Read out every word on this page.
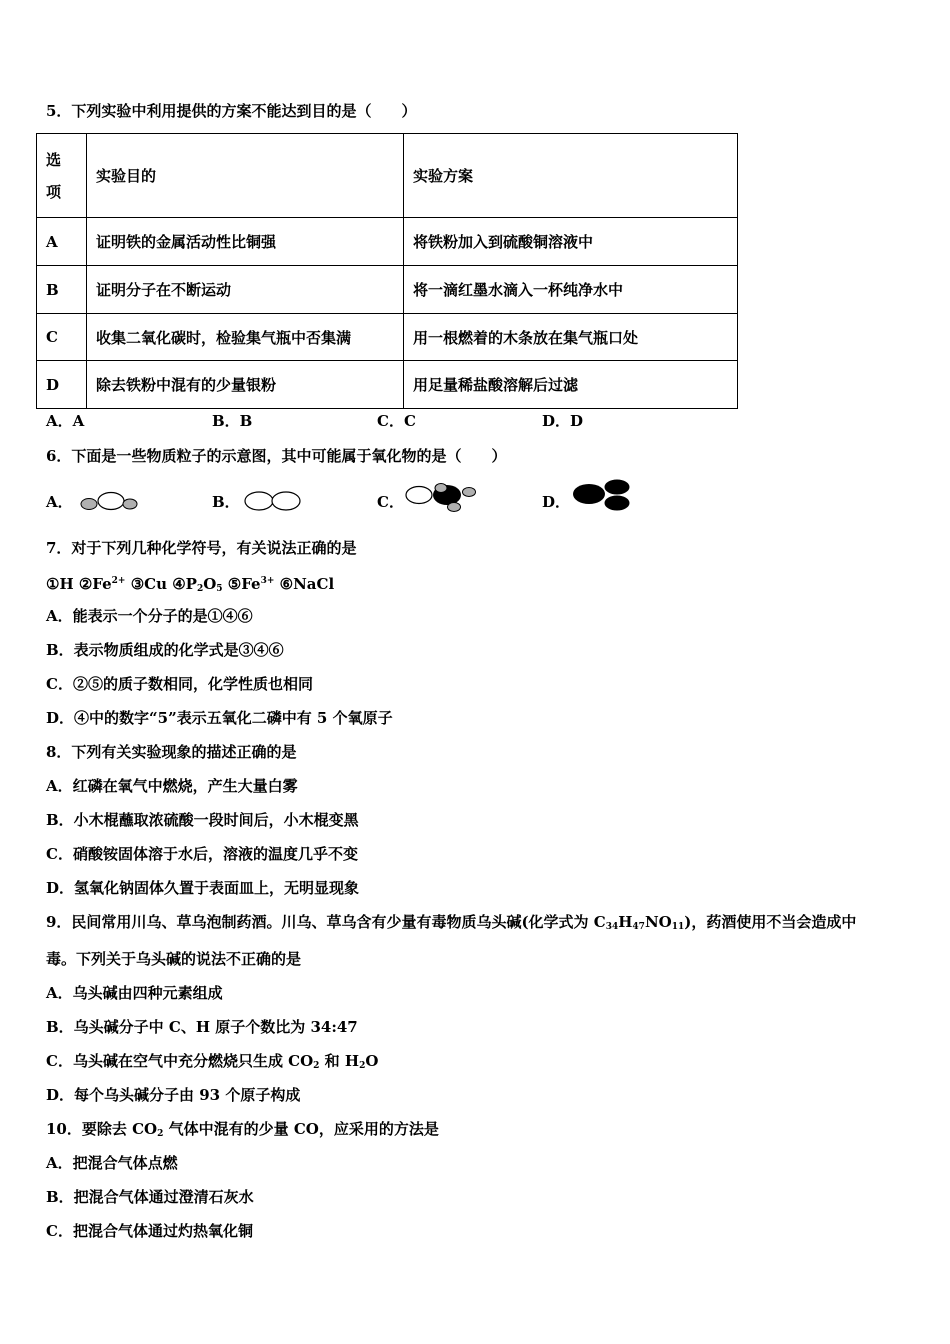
5．下列实验中利用提供的方案不能达到目的是（　　）
选
项	实验目的	实验方案
A	证明铁的金属活动性比铜强	将铁粉加入到硫酸铜溶液中
B	证明分子在不断运动	将一滴红墨水滴入一杯纯净水中
C	收集二氧化碳时，检验集气瓶中否集满	用一根燃着的木条放在集气瓶口处
D	除去铁粉中混有的少量银粉	用足量稀盐酸溶解后过滤
A．A	B．B	C．C	D．D
6．下面是一些物质粒子的示意图，其中可能属于氧化物的是（　　）
A．	B．	C．	D．
7．对于下列几种化学符号，有关说法正确的是
①H $②Fe^{2+}$ ③Cu $④P_2O_5$ $⑤Fe^{3+}$ ⑥NaCl
A．能表示一个分子的是①④⑥
B．表示物质组成的化学式是③④⑥
C．②⑤的质子数相同，化学性质也相同
D．④中的数字“5”表示五氧化二磷中有 5 个氧原子
8．下列有关实验现象的描述正确的是
A．红磷在氧气中燃烧，产生大量白雾
B．小木棍蘸取浓硫酸一段时间后，小木棍变黑
C．硝酸铵固体溶于水后，溶液的温度几乎不变
D．氢氧化钠固体久置于表面皿上，无明显现象
9．民间常用川乌、草乌泡制药酒。川乌、草乌含有少量有毒物质乌头碱(化学式为 $C_{34}H_{47}NO_{11}$)，药酒使用不当会造成中
毒。下列关于乌头碱的说法不正确的是
A．乌头碱由四种元素组成
B．乌头碱分子中 C、H 原子个数比为 34:47
C．乌头碱在空气中充分燃烧只生成 $CO_2$ 和 $H_2O$
D．每个乌头碱分子由 93 个原子构成
10．要除去 $CO_2$ 气体中混有的少量 CO，应采用的方法是
A．把混合气体点燃
B．把混合气体通过澄清石灰水
C．把混合气体通过灼热氧化铜
